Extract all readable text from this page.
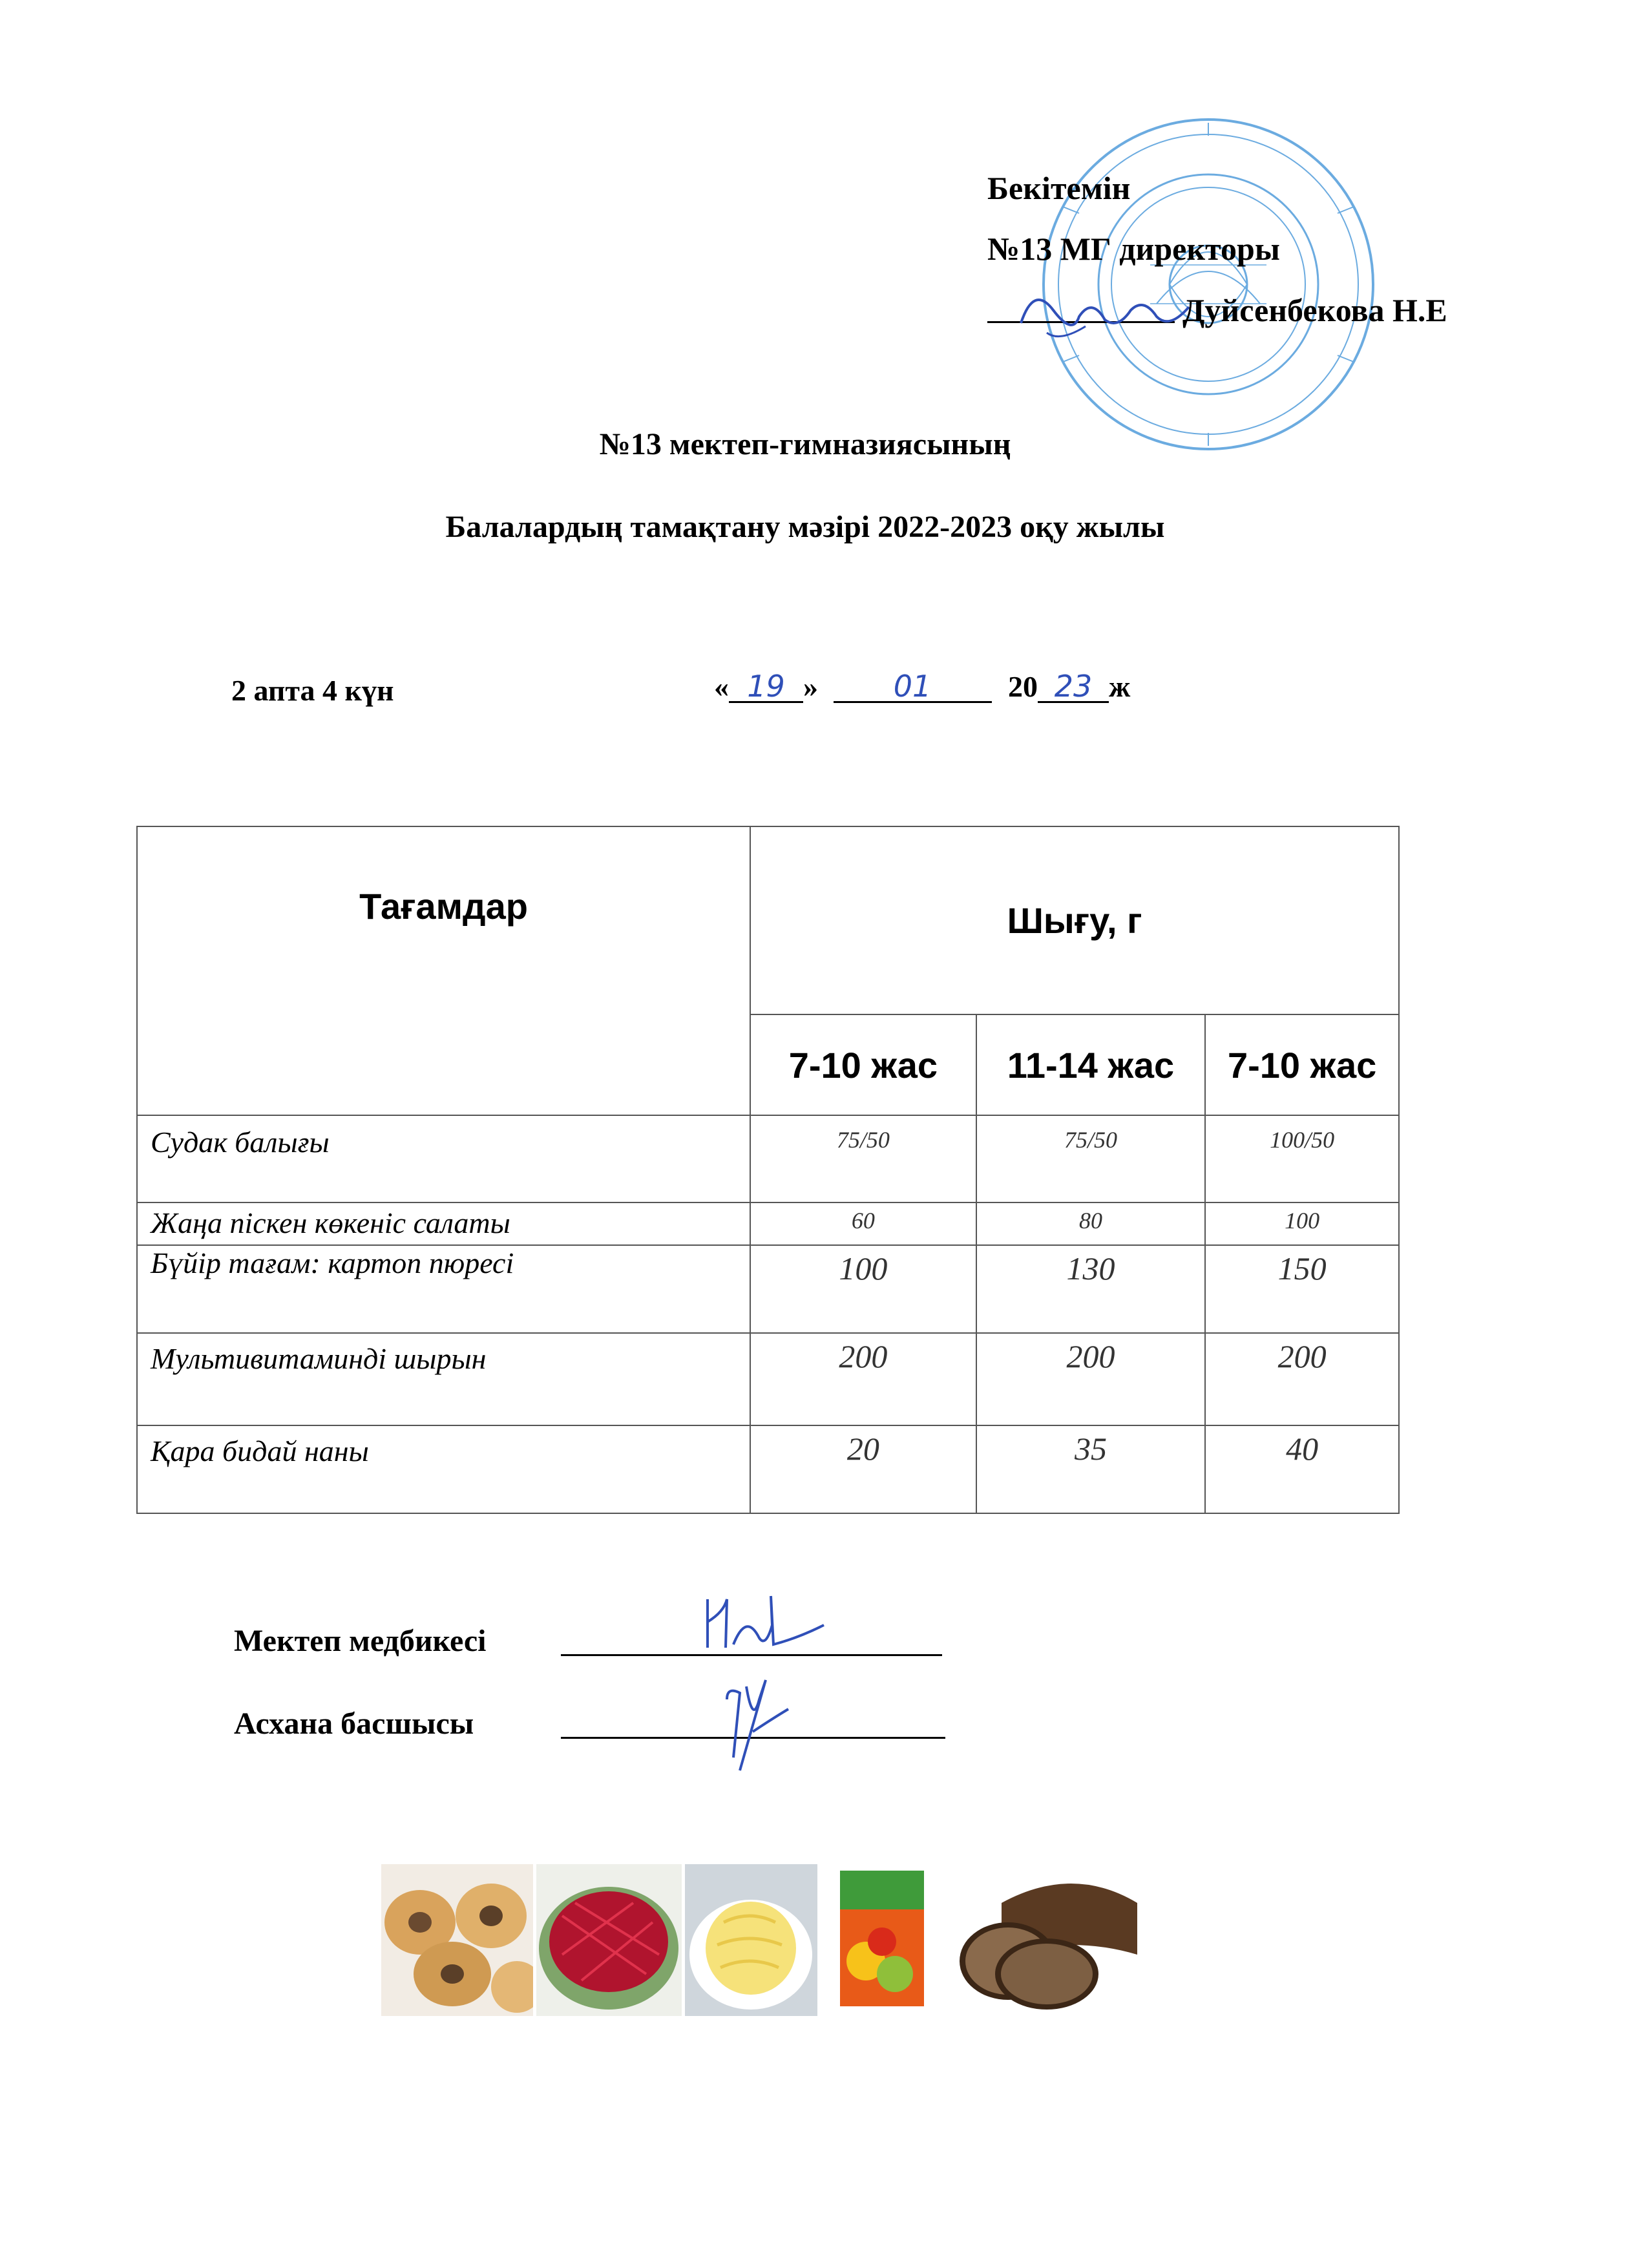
Бекітемін
№13 МГ директоры
Дуйсенбекова Н.Е
№13 мектеп-гимназиясының
Балалардың тамақтану мәзірі 2022-2023 оқу жылы
2 апта 4 күн	« 19 »	01	20 23 ж
Тағамдар	Шығу, г		
	7-10 жас	11-14 жас	7-10 жас
Судак балығы	75/50	75/50	100/50
Жаңа піскен көкеніс салаты	60	80	100
Бүйір тағам: картоп пюресі	100	130	150
Мультивитаминді шырын	200	200	200
Қара бидай наны	20	35	40
Мектеп медбикесі
Асхана басшысы
